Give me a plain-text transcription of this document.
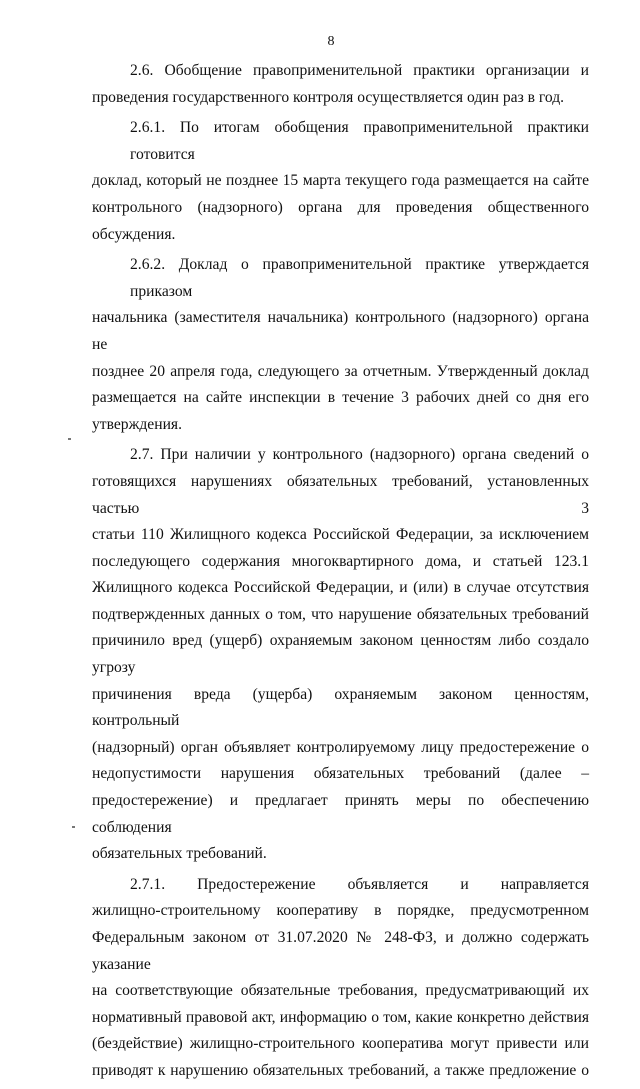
8

2.6. Обобщение правоприменительной практики организации и
проведения государственного контроля осуществляется один раз в год.

2.6.1. По итогам обобщения правоприменительной практики готовится
доклад, который не позднее 15 марта текущего года размещается на сайте
контрольного (надзорного) органа для проведения общественного
обсуждения.

2.6.2. Доклад о правоприменительной практике утверждается приказом
начальника (заместителя начальника) контрольного (надзорного) органа не
позднее 20 апреля года, следующего за отчетным. Утвержденный доклад
размещается на сайте инспекции в течение 3 рабочих дней со дня его
утверждения.

2.7. При наличии у контрольного (надзорного) органа сведений о
готовящихся нарушениях обязательных требований, установленных частью 3
статьи 110 Жилищного кодекса Российской Федерации, за исключением
последующего содержания многоквартирного дома, и статьей 123.1
Жилищного кодекса Российской Федерации, и (или) в случае отсутствия
подтвержденных данных о том, что нарушение обязательных требований
причинило вред (ущерб) охраняемым законом ценностям либо создало угрозу
причинения вреда (ущерба) охраняемым законом ценностям, контрольный
(надзорный) орган объявляет контролируемому лицу предостережение о
недопустимости нарушения обязательных требований (далее –
предостережение) и предлагает принять меры по обеспечению соблюдения
обязательных требований.

2.7.1. Предостережение объявляется и направляется
жилищно-строительному кооперативу в порядке, предусмотренном
Федеральным законом от 31.07.2020 № 248-ФЗ, и должно содержать указание
на соответствующие обязательные требования, предусматривающий их
нормативный правовой акт, информацию о том, какие конкретно действия
(бездействие) жилищно-строительного кооператива могут привести или
приводят к нарушению обязательных требований, а также предложение о
